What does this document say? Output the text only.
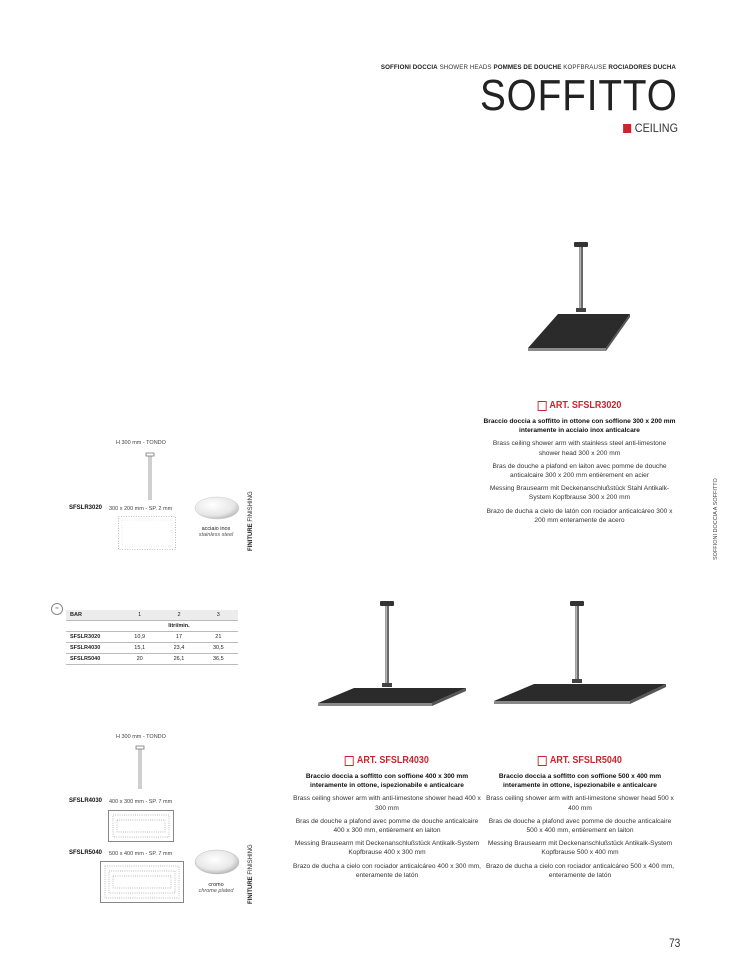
SOFFIONI DOCCIA SHOWER HEADS POMMES DE DOUCHE KOPFBRAUSE ROCIADORES DUCHA
SOFFITTO
CEILING
SOFFIONI DOCCIA A SOFFITTO
73
ART. SFSLR3020
Braccio doccia a soffitto in ottone con soffione 300 x 200 mm interamente in acciaio inox anticalcare
Brass ceiling shower arm with stainless steel anti-limestone shower head 300 x 200 mm
Bras de douche a plafond en laiton avec pomme de douche anticalcaire 300 x 200 mm entièrement en acier
Messing Brausearm mit Deckenanschlußstück Stahl Antikalk-System Kopfbrause 300 x 200 mm
Brazo de ducha a cielo de latón con rociador anticalcáreo 300 x 200 mm enteramente de acero
H 300 mm - TONDO
SFSLR3020 300 x 200 mm - SP. 2 mm
acciaio inox
stainless steel	FINITURE FINISHING
≈
BAR	1	2	3
	litri/min.		
SFSLR3020	10,9	17	21
SFSLR4030	15,1	23,4	30,5
SFSLR5040	20	26,1	36,5
ART. SFSLR4030
Braccio doccia a soffitto con soffione 400 x 300 mm interamente in ottone, ispezionabile e anticalcare
Brass ceiling shower arm with anti-limestone shower head 400 x 300 mm
Bras de douche a plafond avec pomme de douche anticalcaire 400 x 300 mm, entièrement en laiton
Messing Brausearm mit Deckenanschlußstück Antikalk-System Kopfbrause 400 x 300 mm
Brazo de ducha a cielo con rociador anticalcáreo 400 x 300 mm, enteramente de latón
ART. SFSLR5040
Braccio doccia a soffitto con soffione 500 x 400 mm interamente in ottone, ispezionabile e anticalcare
Brass ceiling shower arm with anti-limestone shower head 500 x 400 mm
Bras de douche a plafond avec pomme de douche anticalcaire 500 x 400 mm, entièrement en laiton
Messing Brausearm mit Deckenanschlußstück Antikalk-System Kopfbrause 500 x 400 mm
Brazo de ducha a cielo con rociador anticalcáreo 500 x 400 mm, enteramente de latón
H 300 mm - TONDO
SFSLR4030 400 x 300 mm - SP. 7 mm
SFSLR5040 500 x 400 mm - SP. 7 mm
cromo
chrome plated	FINITURE FINISHING
